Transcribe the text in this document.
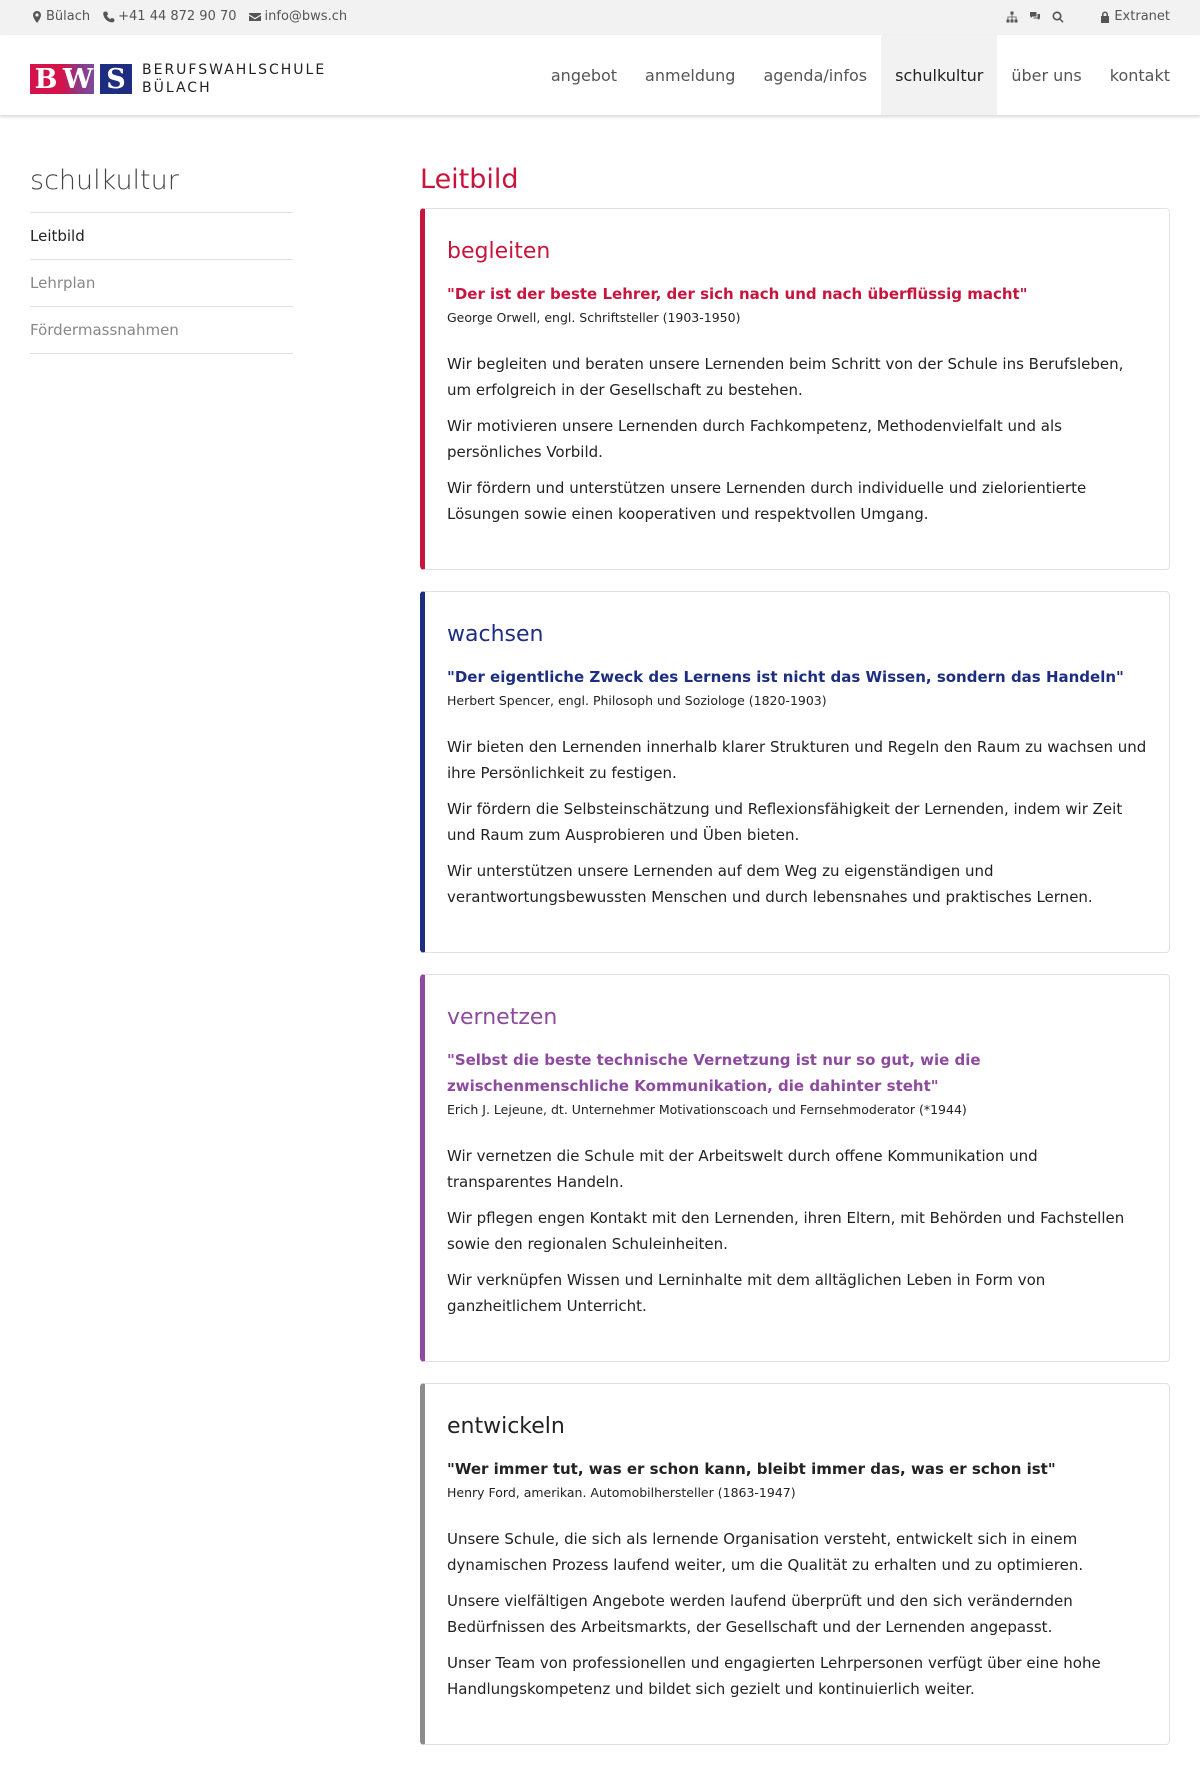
Bülach +41 44 872 90 70 info@bws.ch	Extranet
B W S	BERUFSWAHLSCHULE
BÜLACH
angebot	anmeldung	agenda/infos	schulkultur	über uns	kontakt
schulkultur
Leitbild
Lehrplan
Fördermassnahmen
Leitbild
begleiten
"Der ist der beste Lehrer, der sich nach und nach überflüssig macht"
George Orwell, engl. Schriftsteller (1903-1950)

Wir begleiten und beraten unsere Lernenden beim Schritt von der Schule ins Berufsleben, um erfolgreich in der Gesellschaft zu bestehen.

Wir motivieren unsere Lernenden durch Fachkompetenz, Methodenvielfalt und als persönliches Vorbild.

Wir fördern und unterstützen unsere Lernenden durch individuelle und zielorientierte Lösungen sowie einen kooperativen und respektvollen Umgang.

wachsen
"Der eigentliche Zweck des Lernens ist nicht das Wissen, sondern das Handeln"
Herbert Spencer, engl. Philosoph und Soziologe (1820-1903)

Wir bieten den Lernenden innerhalb klarer Strukturen und Regeln den Raum zu wachsen und ihre Persönlichkeit zu festigen.

Wir fördern die Selbsteinschätzung und Reflexionsfähigkeit der Lernenden, indem wir Zeit und Raum zum Ausprobieren und Üben bieten.

Wir unterstützen unsere Lernenden auf dem Weg zu eigenständigen und verantwortungsbewussten Menschen und durch lebensnahes und praktisches Lernen.

vernetzen
"Selbst die beste technische Vernetzung ist nur so gut, wie die zwischenmenschliche Kommunikation, die dahinter steht"
Erich J. Lejeune, dt. Unternehmer Motivationscoach und Fernsehmoderator (*1944)

Wir vernetzen die Schule mit der Arbeitswelt durch offene Kommunikation und transparentes Handeln.

Wir pflegen engen Kontakt mit den Lernenden, ihren Eltern, mit Behörden und Fachstellen sowie den regionalen Schuleinheiten.

Wir verknüpfen Wissen und Lerninhalte mit dem alltäglichen Leben in Form von ganzheitlichem Unterricht.

entwickeln
"Wer immer tut, was er schon kann, bleibt immer das, was er schon ist"
Henry Ford, amerikan. Automobilhersteller (1863-1947)

Unsere Schule, die sich als lernende Organisation versteht, entwickelt sich in einem dynamischen Prozess laufend weiter, um die Qualität zu erhalten und zu optimieren.

Unsere vielfältigen Angebote werden laufend überprüft und den sich verändernden Bedürfnissen des Arbeitsmarkts, der Gesellschaft und der Lernenden angepasst.

Unser Team von professionellen und engagierten Lehrpersonen verfügt über eine hohe Handlungskompetenz und bildet sich gezielt und kontinuierlich weiter.
